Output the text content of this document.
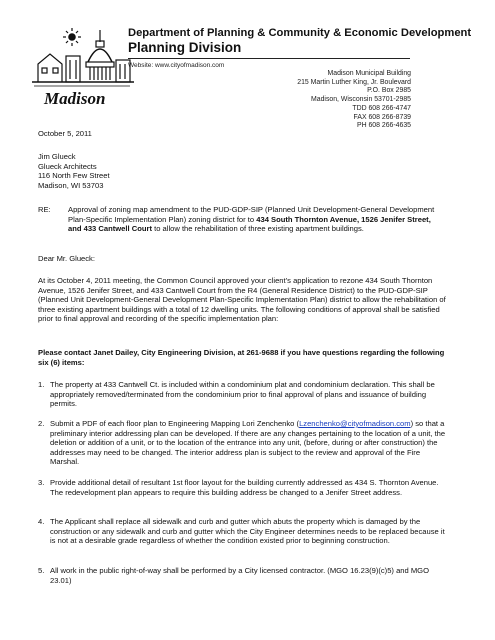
Madison
Department of Planning & Community & Economic Development
Planning Division
Website: www.cityofmadison.com
Madison Municipal Building
215 Martin Luther King, Jr. Boulevard
P.O. Box 2985
Madison, Wisconsin 53701-2985
TDD 608 266-4747
FAX 608 266-8739
PH 608 266-4635
October 5, 2011
Jim Glueck
Glueck Architects
116 North Few Street
Madison, WI 53703
RE: Approval of zoning map amendment to the PUD-GDP-SIP (Planned Unit Development-General Development Plan-Specific Implementation Plan) zoning district for to 434 South Thornton Avenue, 1526 Jenifer Street, and 433 Cantwell Court to allow the rehabilitation of three existing apartment buildings.
Dear Mr. Glueck:
At its October 4, 2011 meeting, the Common Council approved your client’s application to rezone 434 South Thornton Avenue, 1526 Jenifer Street, and 433 Cantwell Court from the R4 (General Residence District) to the PUD-GDP-SIP (Planned Unit Development-General Development Plan-Specific Implementation Plan) district to allow the rehabilitation of three existing apartment buildings with a total of 12 dwelling units. The following conditions of approval shall be satisfied prior to final approval and recording of the specific implementation plan:
Please contact Janet Dailey, City Engineering Division, at 261-9688 if you have questions regarding the following six (6) items:
1. The property at 433 Cantwell Ct. is included within a condominium plat and condominium declaration. This shall be appropriately removed/terminated from the condominium prior to final approval of plans and issuance of building permits.
2. Submit a PDF of each floor plan to Engineering Mapping Lori Zenchenko (Lzenchenko@cityofmadison.com) so that a preliminary interior addressing plan can be developed. If there are any changes pertaining to the location of a unit, the deletion or addition of a unit, or to the location of the entrance into any unit, (before, during or after construction) the addresses may need to be changed. The interior address plan is subject to the review and approval of the Fire Marshal.
3. Provide additional detail of resultant 1st floor layout for the building currently addressed as 434 S. Thornton Avenue. The redevelopment plan appears to require this building address be changed to a Jenifer Street address.
4. The Applicant shall replace all sidewalk and curb and gutter which abuts the property which is damaged by the construction or any sidewalk and curb and gutter which the City Engineer determines needs to be replaced because it is not at a desirable grade regardless of whether the condition existed prior to beginning construction.
5. All work in the public right-of-way shall be performed by a City licensed contractor. (MGO 16.23(9)(c)5) and MGO 23.01)
